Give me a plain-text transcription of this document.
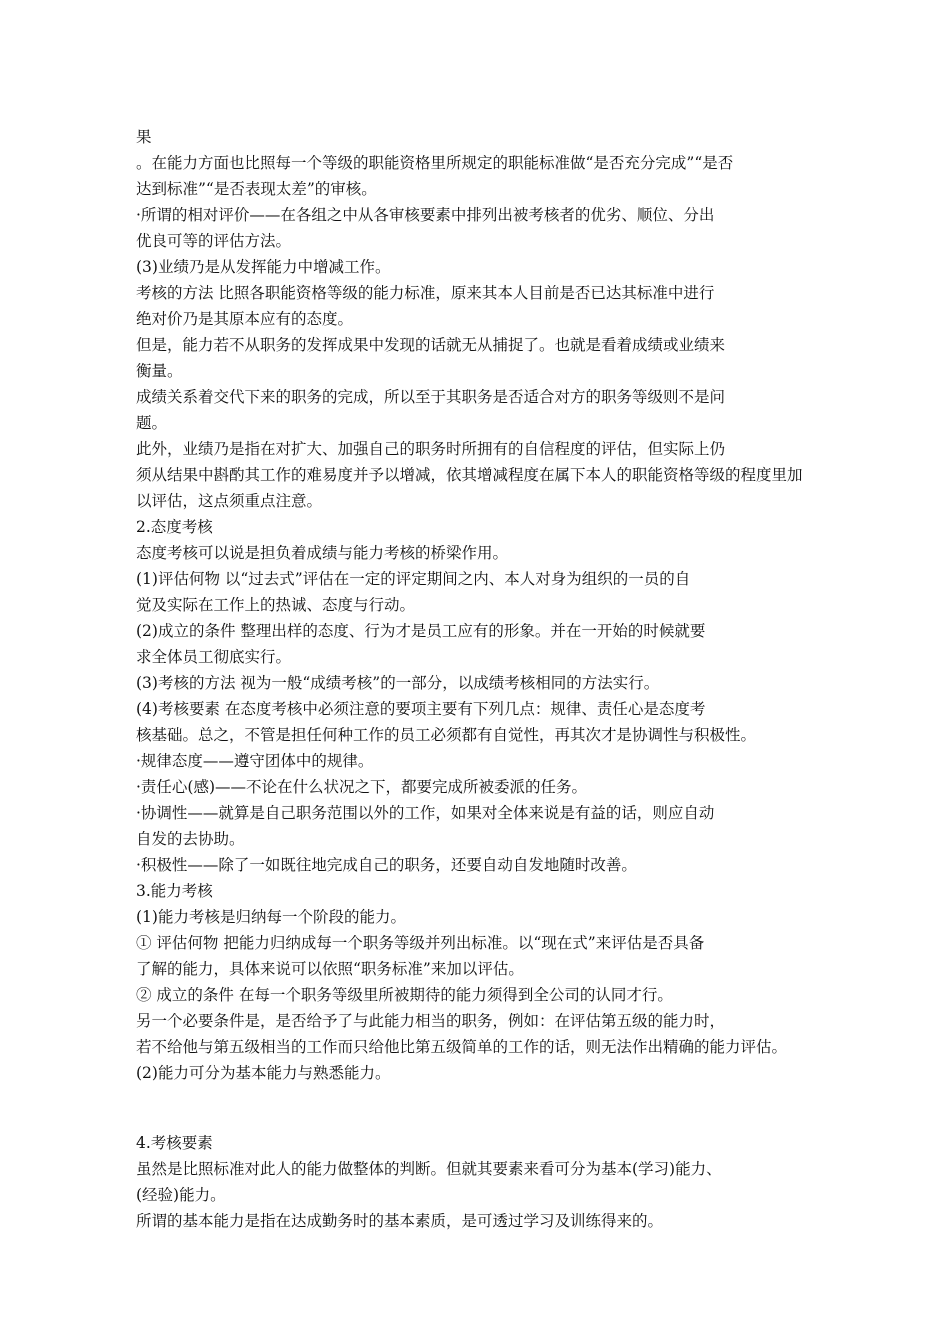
果
。在能力方面也比照每一个等级的职能资格里所规定的职能标准做“是否充分完成”“是否
达到标准”“是否表现太差”的审核。
·所谓的相对评价——在各组之中从各审核要素中排列出被考核者的优劣、顺位、分出
优良可等的评估方法。
(3)业绩乃是从发挥能力中增减工作。
考核的方法 比照各职能资格等级的能力标准，原来其本人目前是否已达其标准中进行
绝对价乃是其原本应有的态度。
但是，能力若不从职务的发挥成果中发现的话就无从捕捉了。也就是看着成绩或业绩来
衡量。
成绩关系着交代下来的职务的完成，所以至于其职务是否适合对方的职务等级则不是问
题。
此外，业绩乃是指在对扩大、加强自己的职务时所拥有的自信程度的评估，但实际上仍
须从结果中斟酌其工作的难易度并予以增减，依其增减程度在属下本人的职能资格等级的程度里加
以评估，这点须重点注意。
2.态度考核
态度考核可以说是担负着成绩与能力考核的桥梁作用。
(1)评估何物 以“过去式”评估在一定的评定期间之内、本人对身为组织的一员的自
觉及实际在工作上的热诚、态度与行动。
(2)成立的条件 整理出样的态度、行为才是员工应有的形象。并在一开始的时候就要
求全体员工彻底实行。
(3)考核的方法 视为一般“成绩考核”的一部分，以成绩考核相同的方法实行。
(4)考核要素 在态度考核中必须注意的要项主要有下列几点：规律、责任心是态度考
核基础。总之，不管是担任何种工作的员工必须都有自觉性，再其次才是协调性与积极性。
·规律态度——遵守团体中的规律。
·责任心(感)——不论在什么状况之下，都要完成所被委派的任务。
·协调性——就算是自己职务范围以外的工作，如果对全体来说是有益的话，则应自动
自发的去协助。
·积极性——除了一如既往地完成自己的职务，还要自动自发地随时改善。
3.能力考核
(1)能力考核是归纳每一个阶段的能力。
① 评估何物 把能力归纳成每一个职务等级并列出标准。以“现在式”来评估是否具备
了解的能力，具体来说可以依照“职务标准”来加以评估。
② 成立的条件 在每一个职务等级里所被期待的能力须得到全公司的认同才行。
另一个必要条件是，是否给予了与此能力相当的职务，例如：在评估第五级的能力时，
若不给他与第五级相当的工作而只给他比第五级简单的工作的话，则无法作出精确的能力评估。
(2)能力可分为基本能力与熟悉能力。
4.考核要素
虽然是比照标准对此人的能力做整体的判断。但就其要素来看可分为基本(学习)能力、
(经验)能力。
所谓的基本能力是指在达成勤务时的基本素质，是可透过学习及训练得来的。
